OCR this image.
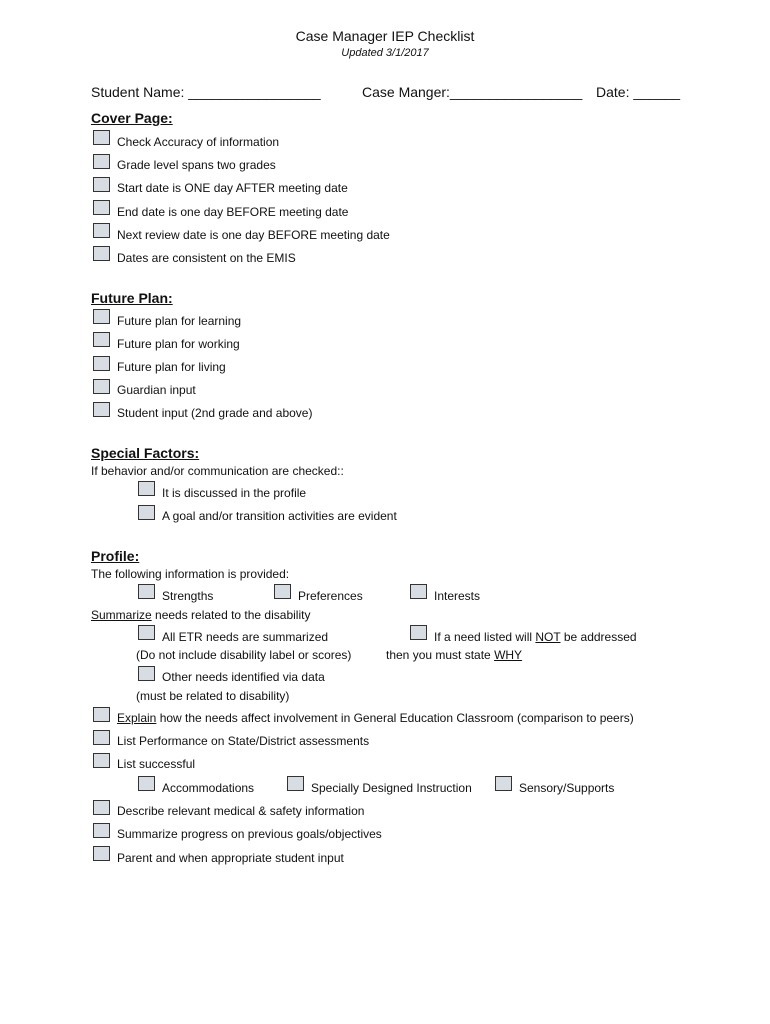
Case Manager IEP Checklist
Updated 3/1/2017
Student Name: _________________	Case Manger:_________________ Date: ______
Cover Page:
Check Accuracy of information
Grade level spans two grades
Start date is ONE day AFTER meeting date
End date is one day BEFORE meeting date
Next review date is one day BEFORE meeting date
Dates are consistent on the EMIS
Future Plan:
Future plan for learning
Future plan for working
Future plan for living
Guardian input
Student input (2nd grade and above)
Special Factors:
If behavior and/or communication are checked::
It is discussed in the profile
A goal and/or transition activities are evident
Profile:
The following information is provided:
Strengths	Preferences	Interests
Summarize needs related to the disability
All ETR needs are summarized
(Do not include disability label or scores)
If a need listed will NOT be addressed
then you must state WHY
Other needs identified via data
(must be related to disability)
Explain how the needs affect involvement in General Education Classroom (comparison to peers)
List Performance on State/District assessments
List successful
Accommodations	Specially Designed Instruction	Sensory/Supports
Describe relevant medical & safety information
Summarize progress on previous goals/objectives
Parent and when appropriate student input
